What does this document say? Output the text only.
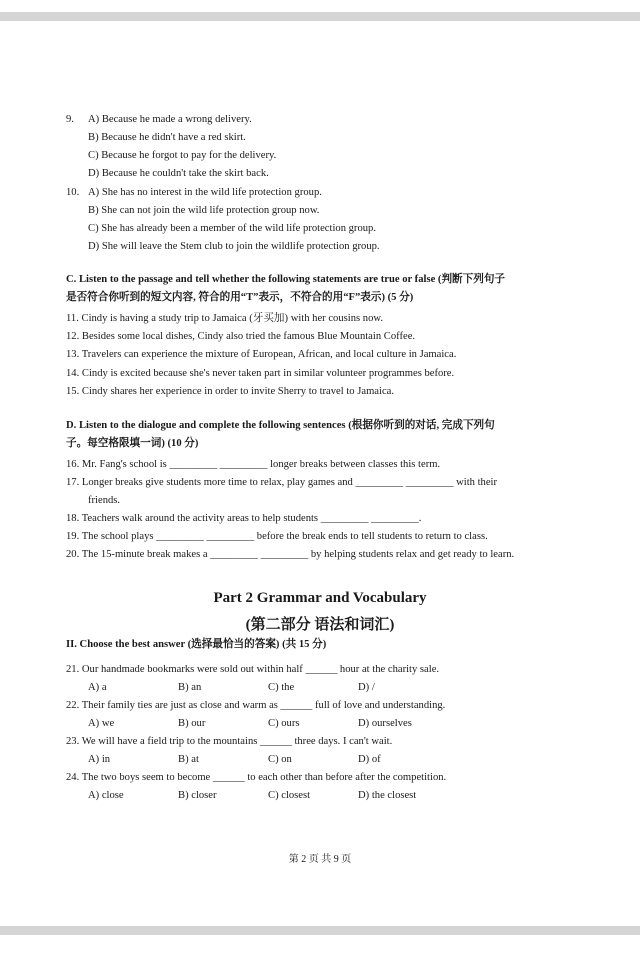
9. A) Because he made a wrong delivery.
B) Because he didn't have a red skirt.
C) Because he forgot to pay for the delivery.
D) Because he couldn't take the skirt back.
10. A) She has no interest in the wild life protection group.
B) She can not join the wild life protection group now.
C) She has already been a member of the wild life protection group.
D) She will leave the Stem club to join the wildlife protection group.
C. Listen to the passage and tell whether the following statements are true or false (判断下列句子
是否符合你听到的短文内容, 符合的用“T”表示，不符合的用“F”表示) (5 分)
11. Cindy is having a study trip to Jamaica (牙买加) with her cousins now.
12. Besides some local dishes, Cindy also tried the famous Blue Mountain Coffee.
13. Travelers can experience the mixture of European, African, and local culture in Jamaica.
14. Cindy is excited because she's never taken part in similar volunteer programmes before.
15. Cindy shares her experience in order to invite Sherry to travel to Jamaica.
D. Listen to the dialogue and complete the following sentences (根据你听到的对话, 完成下列句
子。每空格限填一词) (10 分)
16. Mr. Fang's school is _________ _________ longer breaks between classes this term.
17. Longer breaks give students more time to relax, play games and _________ _________ with their
friends.
18. Teachers walk around the activity areas to help students _________ _________.
19. The school plays _________ _________ before the break ends to tell students to return to class.
20. The 15-minute break makes a _________ _________ by helping students relax and get ready to learn.
Part 2 Grammar and Vocabulary
(第二部分 语法和词汇)
II. Choose the best answer (选择最恰当的答案) (共 15 分)
21. Our handmade bookmarks were sold out within half ______ hour at the charity sale.
A) a	B) an	C) the	D) /
22. Their family ties are just as close and warm as ______ full of love and understanding.
A) we	B) our	C) ours	D) ourselves
23. We will have a field trip to the mountains ______ three days. I can't wait.
A) in	B) at	C) on	D) of
24. The two boys seem to become ______ to each other than before after the competition.
A) close	B) closer	C) closest	D) the closest
第 2 页 共 9 页
